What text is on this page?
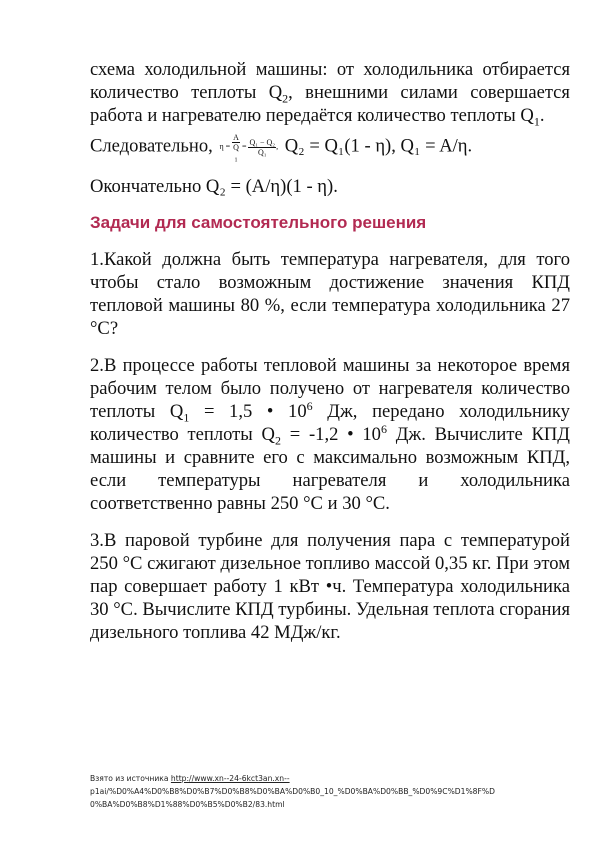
схема холодильной машины: от холодильника отбирается количество теплоты $Q_2$, внешними силами совершается работа и нагревателю передаётся количество теплоты $Q_1$.

Следовательно, η = A
Q
$_1 = \frac{\text{Q₁ − Q₂}}{\text{Q₁}}$ , Q₂ = Q₁(1 - η), Q₁ = A/η.

Окончательно Q₂ = (A/η)(1 - η).

Задачи для самостоятельного решения

1.Какой должна быть температура нагревателя, для того чтобы стало возможным достижение значения КПД тепловой машины 80 %, если температура холодильника 27 °С?

2.В процессе работы тепловой машины за некоторое время рабочим телом было получено от нагревателя количество теплоты $Q_1 = 1,5$ • $10^6$ Дж, передано холодильнику количество теплоты $Q_2 = -1,2$ • $10^6$ Дж. Вычислите КПД машины и сравните его с максимально возможным КПД, если температуры нагревателя и холодильника соответственно равны 250 °С и 30 °С.

3.В паровой турбине для получения пара с температурой 250 °С сжигают дизельное топливо массой 0,35 кг. При этом пар совершает работу 1 кВт •ч. Температура холодильника 30 °С. Вычислите КПД турбины. Удельная теплота сгорания дизельного топлива 42 МДж/кг.

Взято из источника http://www.xn--24-6kct3an.xn--
p1ai/%D0%A4%D0%B8%D0%B7%D0%B8%D0%BA%D0%B0_10_%D0%BA%D0%BB_%D0%9C%D1%8F%D
0%BA%D0%B8%D1%88%D0%B5%D0%B2/83.html
